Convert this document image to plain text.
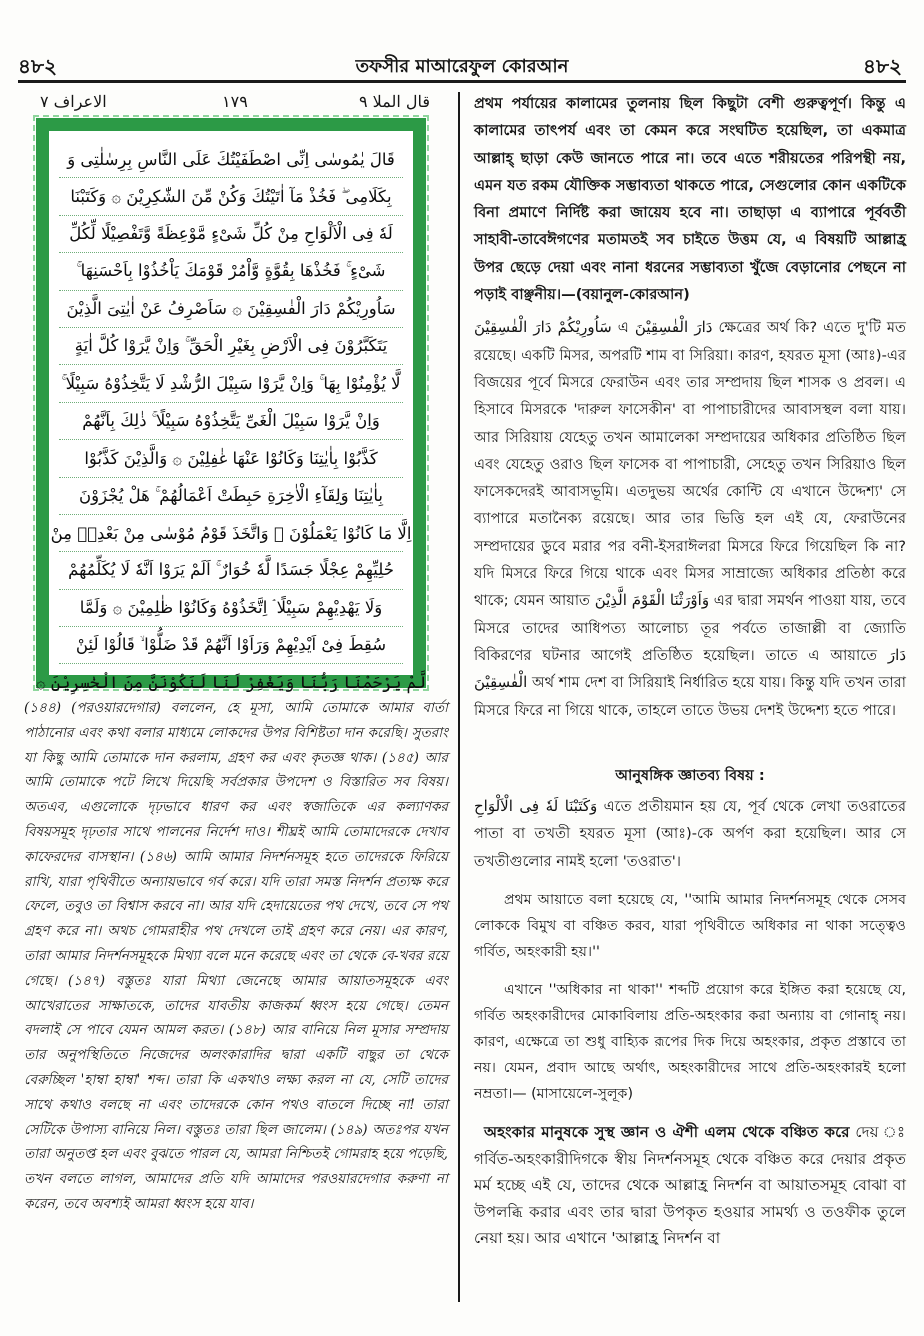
৪৮২	তফসীর মাআরেফুল কোরআন	৪৮২
الاعراف ٧	١٧٩	قال الملا ٩
قَالَ يٰمُوسٰى اِنِّى اصْطَفَيْتُكَ عَلَى النَّاسِ بِرِسٰلٰتِى وَ
بِكَلَامِى ۖ فَخُذْ مَآ اٰتَيْتُكَ وَكُنْ مِّنَ الشّٰكِرِيْنَ ۞ وَكَتَبْنَا
لَهٗ فِى الْاَلْوَاحِ مِنْ كُلِّ شَىْءٍ مَّوْعِظَةً وَّتَفْصِيْلًا لِّكُلِّ
شَىْءٍ ۚ فَخُذْهَا بِقُوَّةٍ وَّاْمُرْ قَوْمَكَ يَاْخُذُوْا بِاَحْسَنِهَا ۚ
سَاُورِيْكُمْ دَارَ الْفٰسِقِيْنَ ۞ سَاَصْرِفُ عَنْ اٰيٰتِىَ الَّذِيْنَ
يَتَكَبَّرُوْنَ فِى الْاَرْضِ بِغَيْرِ الْحَقِّ ۚ وَاِنْ يَّرَوْا كُلَّ اٰيَةٍ
لَّا يُؤْمِنُوْا بِهَا ۚ وَاِنْ يَّرَوْا سَبِيْلَ الرُّشْدِ لَا يَتَّخِذُوْهُ سَبِيْلًا ۚ
وَاِنْ يَّرَوْا سَبِيْلَ الْغَىِّ يَتَّخِذُوْهُ سَبِيْلًا ۚ ذٰلِكَ بِاَنَّهُمْ
كَذَّبُوْا بِاٰيٰتِنَا وَكَانُوْا عَنْهَا غٰفِلِيْنَ ۞ وَالَّذِيْنَ كَذَّبُوْا
بِاٰيٰتِنَا وَلِقَآءِ الْاٰخِرَةِ حَبِطَتْ اَعْمَالُهُمْ ۚ هَلْ يُجْزَوْنَ
اِلَّا مَا كَانُوْا يَعْمَلُوْنَ ۞ وَاتَّخَذَ قَوْمُ مُوْسٰى مِنْ بَعْدِهٖ مِنْ
حُلِيِّهِمْ عِجْلًا جَسَدًا لَّهٗ خُوَارٌ ۚ اَلَمْ يَرَوْا اَنَّهٗ لَا يُكَلِّمُهُمْ
وَلَا يَهْدِيْهِمْ سَبِيْلًا ۘ اِتَّخَذُوْهُ وَكَانُوْا ظٰلِمِيْنَ ۞ وَلَمَّا
سُقِطَ فِىْ اَيْدِيْهِمْ وَرَاَوْا اَنَّهُمْ قَدْ ضَلُّوْا ۙ قَالُوْا لَئِنْ
لَّمْ يَرْحَمْنَا رَبُّنَا وَيَغْفِرْ لَنَا لَنَكُوْنَنَّ مِنَ الْخٰسِرِيْنَ ۞

(১৪৪) (পরওয়ারদেগার) বললেন, হে মূসা, আমি তোমাকে আমার বার্তা পাঠানোর এবং কথা বলার মাধ্যমে লোকদের উপর বিশিষ্টতা দান করেছি। সুতরাং যা কিছু আমি তোমাকে দান করলাম, গ্রহণ কর এবং কৃতজ্ঞ থাক। (১৪৫) আর আমি তোমাকে পটে লিখে দিয়েছি সর্বপ্রকার উপদেশ ও বিস্তারিত সব বিষয়। অতএব, এগুলোকে দৃঢ়ভাবে ধারণ কর এবং স্বজাতিকে এর কল্যাণকর বিষয়সমূহ দৃঢ়তার সাথে পালনের নির্দেশ দাও। শীঘ্রই আমি তোমাদেরকে দেখাব কাফেরদের বাসস্থান। (১৪৬) আমি আমার নিদর্শনসমূহ হতে তাদেরকে ফিরিয়ে রাখি, যারা পৃথিবীতে অন্যায়ভাবে গর্ব করে। যদি তারা সমস্ত নিদর্শন প্রত্যক্ষ করে ফেলে, তবুও তা বিশ্বাস করবে না। আর যদি হেদায়েতের পথ দেখে, তবে সে পথ গ্রহণ করে না। অথচ গোমরাহীর পথ দেখলে তাই গ্রহণ করে নেয়। এর কারণ, তারা আমার নিদর্শনসমূহকে মিথ্যা বলে মনে করেছে এবং তা থেকে বে-খবর রয়ে গেছে। (১৪৭) বস্তুতঃ যারা মিথ্যা জেনেছে আমার আয়াতসমূহকে এবং আখেরাতের সাক্ষাতকে, তাদের যাবতীয় কাজকর্ম ধ্বংস হয়ে গেছে। তেমন বদলাই সে পাবে যেমন আমল করত। (১৪৮) আর বানিয়ে নিল মূসার সম্প্রদায় তার অনুপস্থিতিতে নিজেদের অলংকারাদির দ্বারা একটি বাছুর তা থেকে বেরুচ্ছিল 'হাম্বা হাম্বা' শব্দ। তারা কি একথাও লক্ষ্য করল না যে, সেটি তাদের সাথে কথাও বলছে না এবং তাদেরকে কোন পথও বাতলে দিচ্ছে না! তারা সেটিকে উপাস্য বানিয়ে নিল। বস্তুতঃ তারা ছিল জালেম। (১৪৯) অতঃপর যখন তারা অনুতপ্ত হল এবং বুঝতে পারল যে, আমরা নিশ্চিতই গোমরাহ হয়ে পড়েছি, তখন বলতে লাগল, আমাদের প্রতি যদি আমাদের পরওয়ারদেগার করুণা না করেন, তবে অবশ্যই আমরা ধ্বংস হয়ে যাব।

প্রথম পর্যায়ের কালামের তুলনায় ছিল কিছুটা বেশী গুরুত্বপূর্ণ। কিন্তু এ কালামের তাৎপর্য এবং তা কেমন করে সংঘটিত হয়েছিল, তা একমাত্র আল্লাহ্ ছাড়া কেউ জানতে পারে না। তবে এতে শরীয়তের পরিপন্থী নয়, এমন যত রকম যৌক্তিক সম্ভাব্যতা থাকতে পারে, সেগুলোর কোন একটিকে বিনা প্রমাণে নির্দিষ্ট করা জায়েয হবে না। তাছাড়া এ ব্যাপারে পূর্ববর্তী সাহাবী-তাবেঈগণের মতামতই সব চাইতে উত্তম যে, এ বিষয়টি আল্লাহ্র উপর ছেড়ে দেয়া এবং নানা ধরনের সম্ভাব্যতা খুঁজে বেড়ানোর পেছনে না পড়াই বাঞ্ছনীয়।—(বয়ানুল-কোরআন)

سَاُورِيْكُمْ دَارَ الْفٰسِقِيْنَ এ دَارَ الْفٰسِقِيْنَ ক্ষেত্রের অর্থ কি? এতে দু'টি মত রয়েছে। একটি মিসর, অপরটি শাম বা সিরিয়া। কারণ, হযরত মূসা (আঃ)-এর বিজয়ের পূর্বে মিসরে ফেরাউন এবং তার সম্প্রদায় ছিল শাসক ও প্রবল। এ হিসাবে মিসরকে 'দারুল ফাসেকীন' বা পাপাচারীদের আবাসস্থল বলা যায়। আর সিরিয়ায় যেহেতু তখন আমালেকা সম্প্রদায়ের অধিকার প্রতিষ্ঠিত ছিল এবং যেহেতু ওরাও ছিল ফাসেক বা পাপাচারী, সেহেতু তখন সিরিয়াও ছিল ফাসেকদেরই আবাসভূমি। এতদুভয় অর্থের কোন্টি যে এখানে উদ্দেশ্য' সে ব্যাপারে মতানৈক্য রয়েছে। আর তার ভিত্তি হল এই যে, ফেরাউনের সম্প্রদায়ের ডুবে মরার পর বনী-ইসরাঈলরা মিসরে ফিরে গিয়েছিল কি না? যদি মিসরে ফিরে গিয়ে থাকে এবং মিসর সাম্রাজ্যে অধিকার প্রতিষ্ঠা করে থাকে; যেমন আয়াত وَاَوْرَثْنَا الْقَوْمَ الَّذِيْنَ এর দ্বারা সমর্থন পাওয়া যায়, তবে মিসরে তাদের আধিপত্য আলোচ্য তূর পর্বতে তাজাল্লী বা জ্যোতি বিকিরণের ঘটনার আগেই প্রতিষ্ঠিত হয়েছিল। তাতে এ আয়াতে دَارَ الْفٰسِقِيْنَ অর্থ শাম দেশ বা সিরিয়াই নির্ধারিত হয়ে যায়। কিন্তু যদি তখন তারা মিসরে ফিরে না গিয়ে থাকে, তাহলে তাতে উভয় দেশই উদ্দেশ্য হতে পারে।

আনুষঙ্গিক জ্ঞাতব্য বিষয় :

وَكَتَبْنَا لَهٗ فِى الْاَلْوَاحِ এতে প্রতীয়মান হয় যে, পূর্ব থেকে লেখা তওরাতের পাতা বা তখতী হযরত মূসা (আঃ)-কে অর্পণ করা হয়েছিল। আর সে তখতীগুলোর নামই হলো 'তওরাত'।

প্রথম আয়াতে বলা হয়েছে যে, ''আমি আমার নিদর্শনসমূহ থেকে সেসব লোককে বিমুখ বা বঞ্চিত করব, যারা পৃথিবীতে অধিকার না থাকা সত্ত্বেও গর্বিত, অহংকারী হয়।''

এখানে ''অধিকার না থাকা'' শব্দটি প্রয়োগ করে ইঙ্গিত করা হয়েছে যে, গর্বিত অহংকারীদের মোকাবিলায় প্রতি-অহংকার করা অন্যায় বা গোনাহ্ নয়। কারণ, এক্ষেত্রে তা শুধু বাহ্যিক রূপের দিক দিয়ে অহংকার, প্রকৃত প্রস্তাবে তা নয়। যেমন, প্রবাদ আছে অর্থাৎ, অহংকারীদের সাথে প্রতি-অহংকারই হলো নম্রতা।— (মাসায়েলে-সুলূক)

অহংকার মানুষকে সুস্থ জ্ঞান ও ঐশী এলম থেকে বঞ্চিত করে দেয় ঃ গর্বিত-অহংকারীদিগকে স্বীয় নিদর্শনসমূহ থেকে বঞ্চিত করে দেয়ার প্রকৃত মর্ম হচ্ছে এই যে, তাদের থেকে আল্লাহ্র নিদর্শন বা আয়াতসমূহ বোঝা বা উপলব্ধি করার এবং তার দ্বারা উপকৃত হওয়ার সামর্থ্য ও তওফীক তুলে নেয়া হয়। আর এখানে 'আল্লাহ্র নিদর্শন বা
